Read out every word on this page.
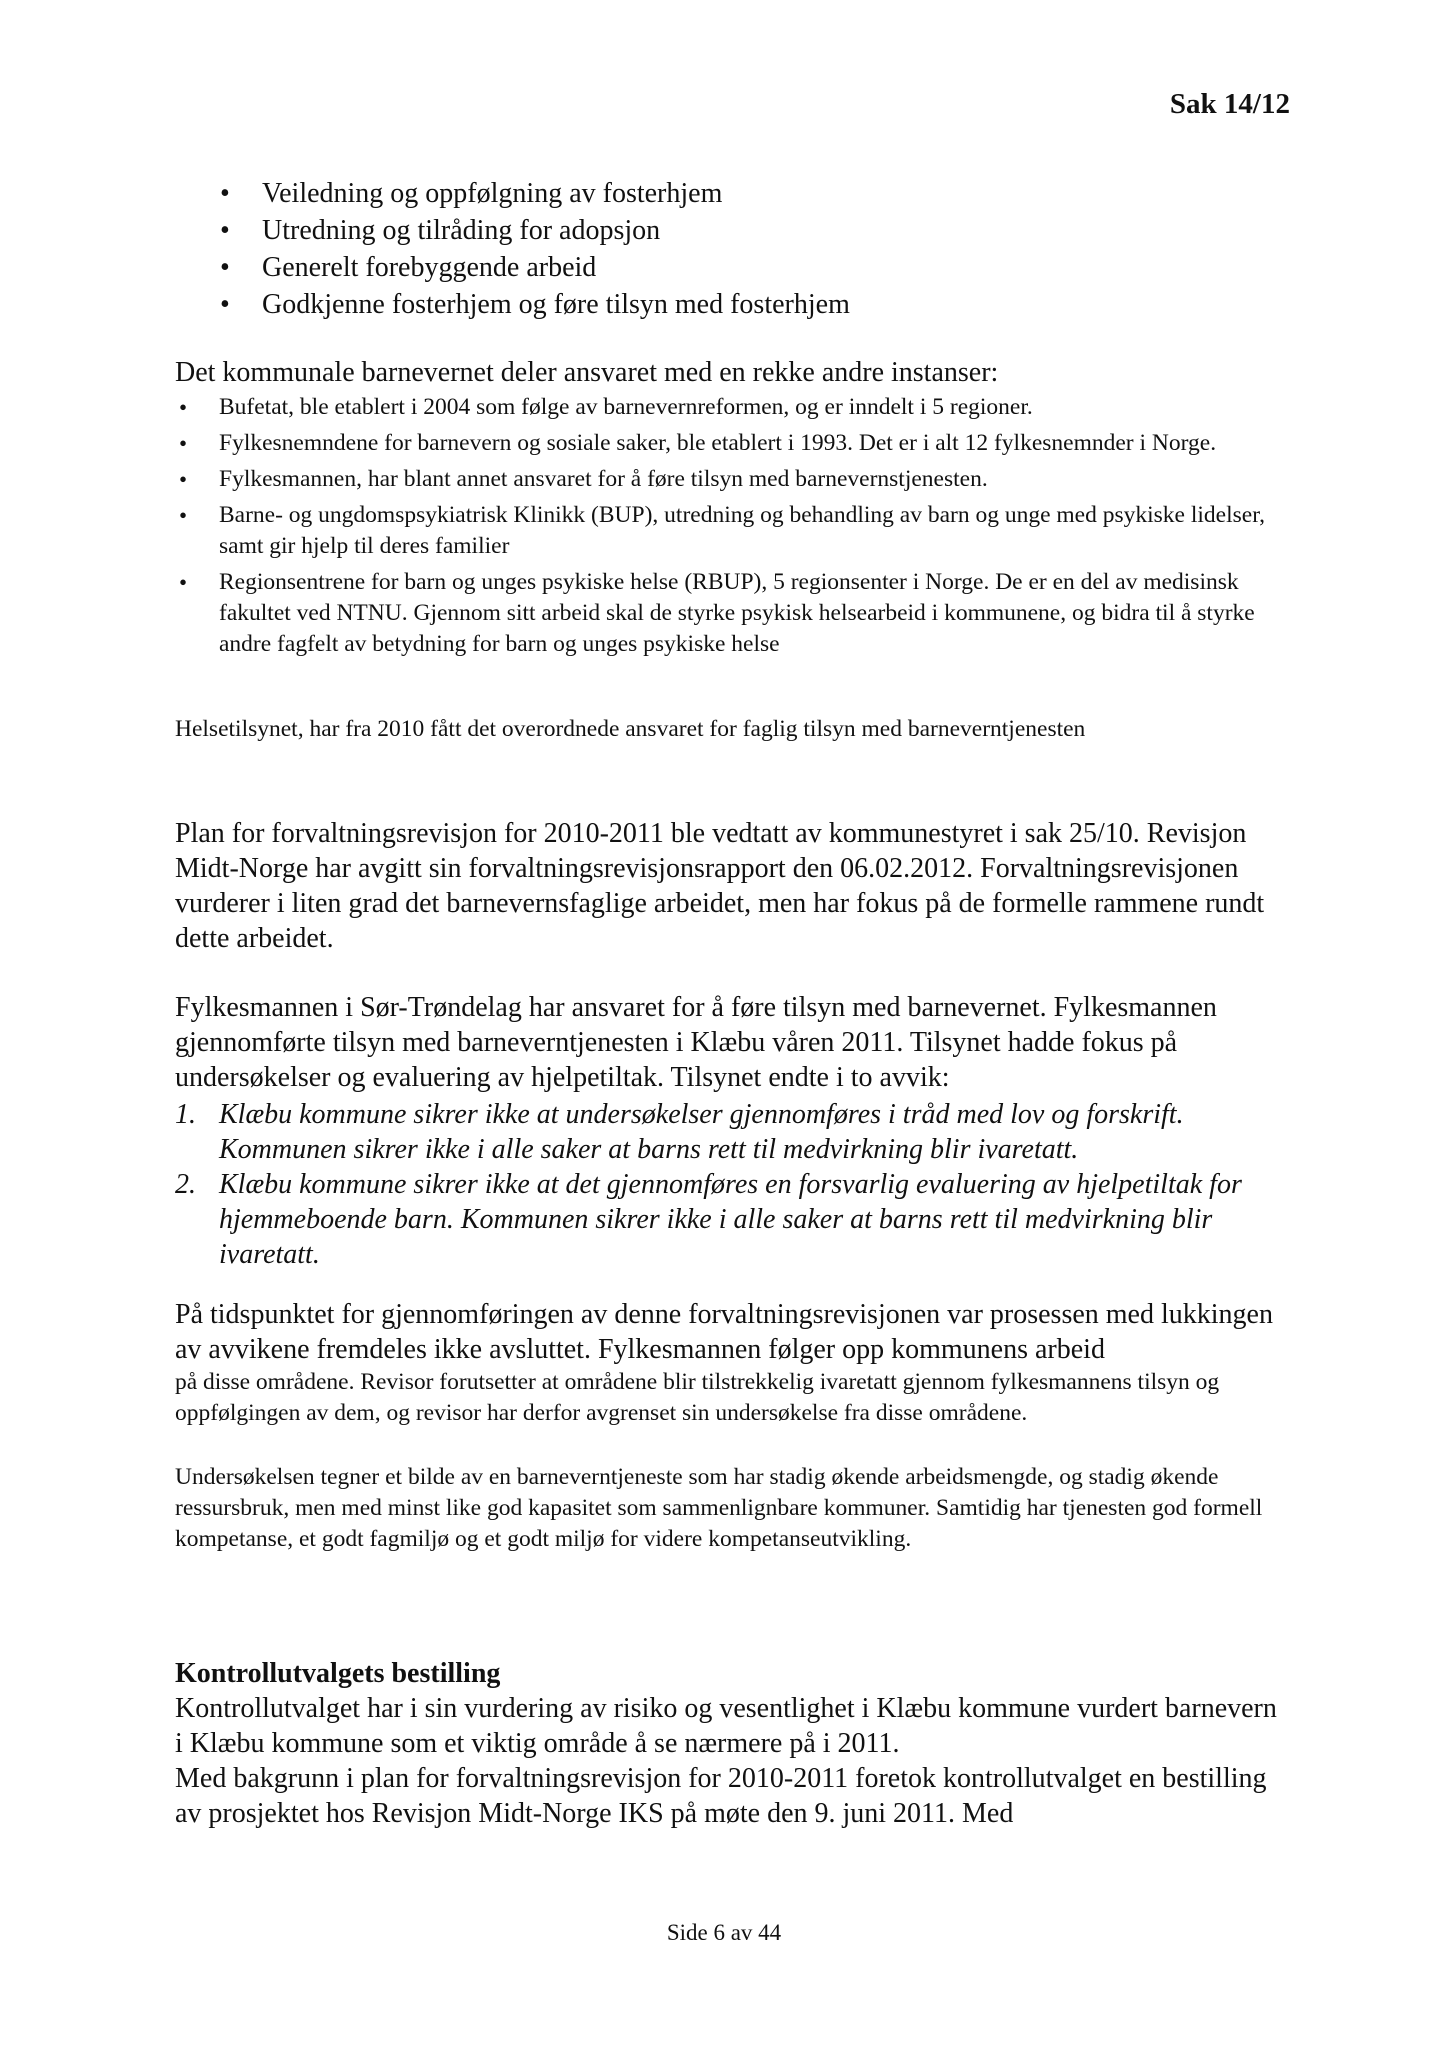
Sak 14/12
• Veiledning og oppfølgning av fosterhjem
• Utredning og tilråding for adopsjon
• Generelt forebyggende arbeid
• Godkjenne fosterhjem og føre tilsyn med fosterhjem

Det kommunale barnevernet deler ansvaret med en rekke andre instanser:

• Bufetat, ble etablert i 2004 som følge av barnevernreformen, og er inndelt i 5 regioner.
• Fylkesnemndene for barnevern og sosiale saker, ble etablert i 1993. Det er i alt 12 fylkesnemnder i Norge.
• Fylkesmannen, har blant annet ansvaret for å føre tilsyn med barnevernstjenesten.
• Barne- og ungdomspsykiatrisk Klinikk (BUP), utredning og behandling av barn og unge med psykiske lidelser, samt gir hjelp til deres familier
• Regionsentrene for barn og unges psykiske helse (RBUP), 5 regionsenter i Norge. De er en del av medisinsk fakultet ved NTNU. Gjennom sitt arbeid skal de styrke psykisk helsearbeid i kommunene, og bidra til å styrke andre fagfelt av betydning for barn og unges psykiske helse

Helsetilsynet, har fra 2010 fått det overordnede ansvaret for faglig tilsyn med barneverntjenesten

Plan for forvaltningsrevisjon for 2010-2011 ble vedtatt av kommunestyret i sak 25/10. Revisjon Midt-Norge har avgitt sin forvaltningsrevisjonsrapport den 06.02.2012. Forvaltningsrevisjonen vurderer i liten grad det barnevernsfaglige arbeidet, men har fokus på de formelle rammene rundt dette arbeidet.

Fylkesmannen i Sør-Trøndelag har ansvaret for å føre tilsyn med barnevernet. Fylkesmannen gjennomførte tilsyn med barneverntjenesten i Klæbu våren 2011. Tilsynet hadde fokus på undersøkelser og evaluering av hjelpetiltak. Tilsynet endte i to avvik:

1. Klæbu kommune sikrer ikke at undersøkelser gjennomføres i tråd med lov og forskrift. Kommunen sikrer ikke i alle saker at barns rett til medvirkning blir ivaretatt.
2. Klæbu kommune sikrer ikke at det gjennomføres en forsvarlig evaluering av hjelpetiltak for hjemmeboende barn. Kommunen sikrer ikke i alle saker at barns rett til medvirkning blir ivaretatt.

På tidspunktet for gjennomføringen av denne forvaltningsrevisjonen var prosessen med lukkingen av avvikene fremdeles ikke avsluttet. Fylkesmannen følger opp kommunens arbeid

på disse områdene. Revisor forutsetter at områdene blir tilstrekkelig ivaretatt gjennom fylkesmannens tilsyn og oppfølgingen av dem, og revisor har derfor avgrenset sin undersøkelse fra disse områdene.

Undersøkelsen tegner et bilde av en barneverntjeneste som har stadig økende arbeidsmengde, og stadig økende ressursbruk, men med minst like god kapasitet som sammenlignbare kommuner. Samtidig har tjenesten god formell kompetanse, et godt fagmiljø og et godt miljø for videre kompetanseutvikling.

Kontrollutvalgets bestilling

Kontrollutvalget har i sin vurdering av risiko og vesentlighet i Klæbu kommune vurdert barnevern i Klæbu kommune som et viktig område å se nærmere på i 2011.

Med bakgrunn i plan for forvaltningsrevisjon for 2010-2011 foretok kontrollutvalget en bestilling av prosjektet hos Revisjon Midt-Norge IKS på møte den 9. juni 2011. Med

Side 6 av 44
